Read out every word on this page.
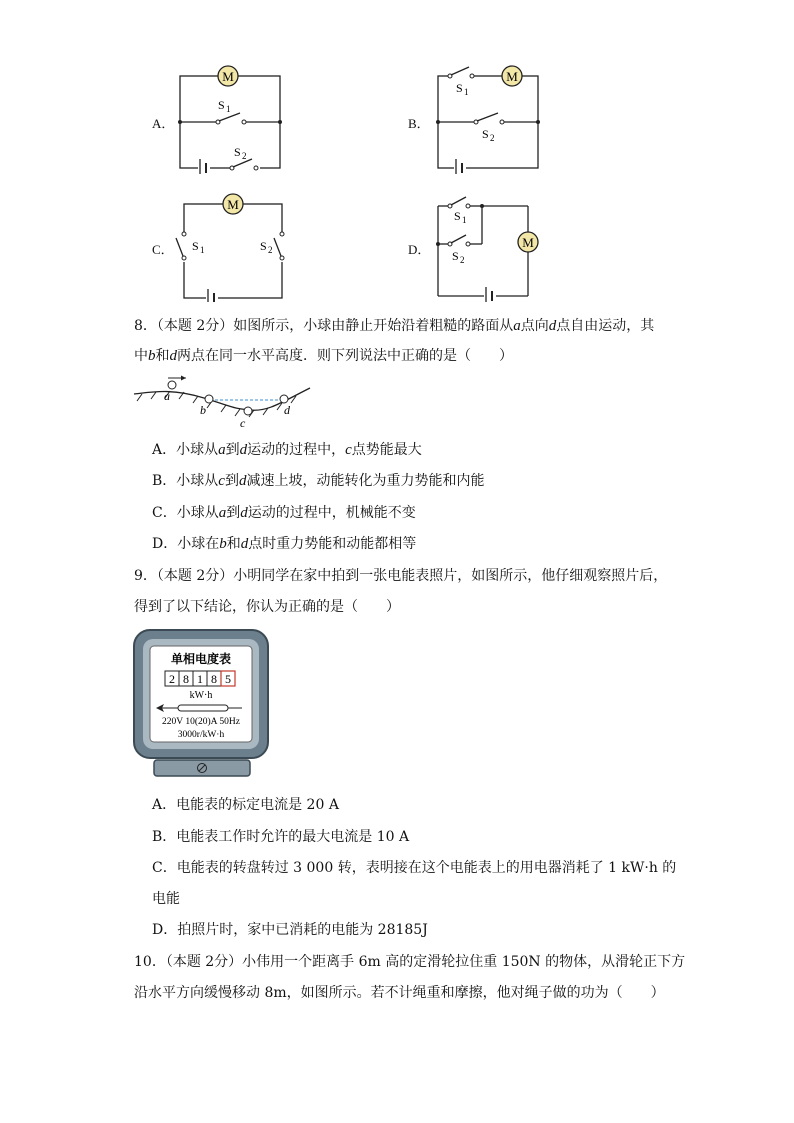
A．
M
S 1
S 2
B．
S 1
M
S 2
C．
M
S 1	S 2	D．
S 1
S 2
M
8．（本题 2分）如图所示，小球由静止开始沿着粗糙的路面从a点向d点自由运动，其
中b和d两点在同一水平高度．则下列说法中正确的是（　　）
a
b
c
d
A．小球从a到d运动的过程中，c点势能最大
B．小球从c到d减速上坡，动能转化为重力势能和内能
C．小球从a到d运动的过程中，机械能不变
D．小球在b和d点时重力势能和动能都相等
9．（本题 2分）小明同学在家中拍到一张电能表照片，如图所示，他仔细观察照片后，
得到了以下结论，你认为正确的是（　　）
单相电度表
2 8 1 8 5
kW·h
220V 10(20)A 50Hz
3000r/kW·h
A．电能表的标定电流是 20 A
B．电能表工作时允许的最大电流是 10 A
C．电能表的转盘转过 3 000 转，表明接在这个电能表上的用电器消耗了 1 kW·h 的
电能
D．拍照片时，家中已消耗的电能为 28185J
10．（本题 2分）小伟用一个距离手 6m 高的定滑轮拉住重 150N 的物体，从滑轮正下方
沿水平方向缓慢移动 8m，如图所示。若不计绳重和摩擦，他对绳子做的功为（　　）
